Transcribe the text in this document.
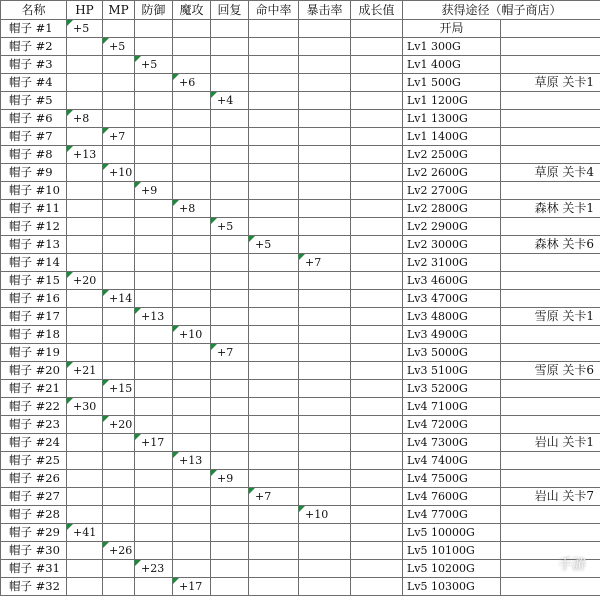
名称	HP	MP	防御	魔攻	回复	命中率	暴击率	成长值	获得途径（帽子商店）	
帽子 #1	+5								开局	
帽子 #2		+5							Lv1 300G	
帽子 #3			+5						Lv1 400G	
帽子 #4				+6					Lv1 500G	草原 关卡1
帽子 #5					+4				Lv1 1200G	
帽子 #6	+8								Lv1 1300G	
帽子 #7		+7							Lv1 1400G	
帽子 #8	+13								Lv2 2500G	
帽子 #9		+10							Lv2 2600G	草原 关卡4
帽子 #10			+9						Lv2 2700G	
帽子 #11				+8					Lv2 2800G	森林 关卡1
帽子 #12					+5				Lv2 2900G	
帽子 #13						+5			Lv2 3000G	森林 关卡6
帽子 #14							+7		Lv2 3100G	
帽子 #15	+20								Lv3 4600G	
帽子 #16		+14							Lv3 4700G	
帽子 #17			+13						Lv3 4800G	雪原 关卡1
帽子 #18				+10					Lv3 4900G	
帽子 #19					+7				Lv3 5000G	
帽子 #20	+21								Lv3 5100G	雪原 关卡6
帽子 #21		+15							Lv3 5200G	
帽子 #22	+30								Lv4 7100G	
帽子 #23		+20							Lv4 7200G	
帽子 #24			+17						Lv4 7300G	岩山 关卡1
帽子 #25				+13					Lv4 7400G	
帽子 #26					+9				Lv4 7500G	
帽子 #27						+7			Lv4 7600G	岩山 关卡7
帽子 #28							+10		Lv4 7700G	
帽子 #29	+41								Lv5 10000G	
帽子 #30		+26							Lv5 10100G	
帽子 #31			+23						Lv5 10200G	
帽子 #32				+17					Lv5 10300G	
手游
